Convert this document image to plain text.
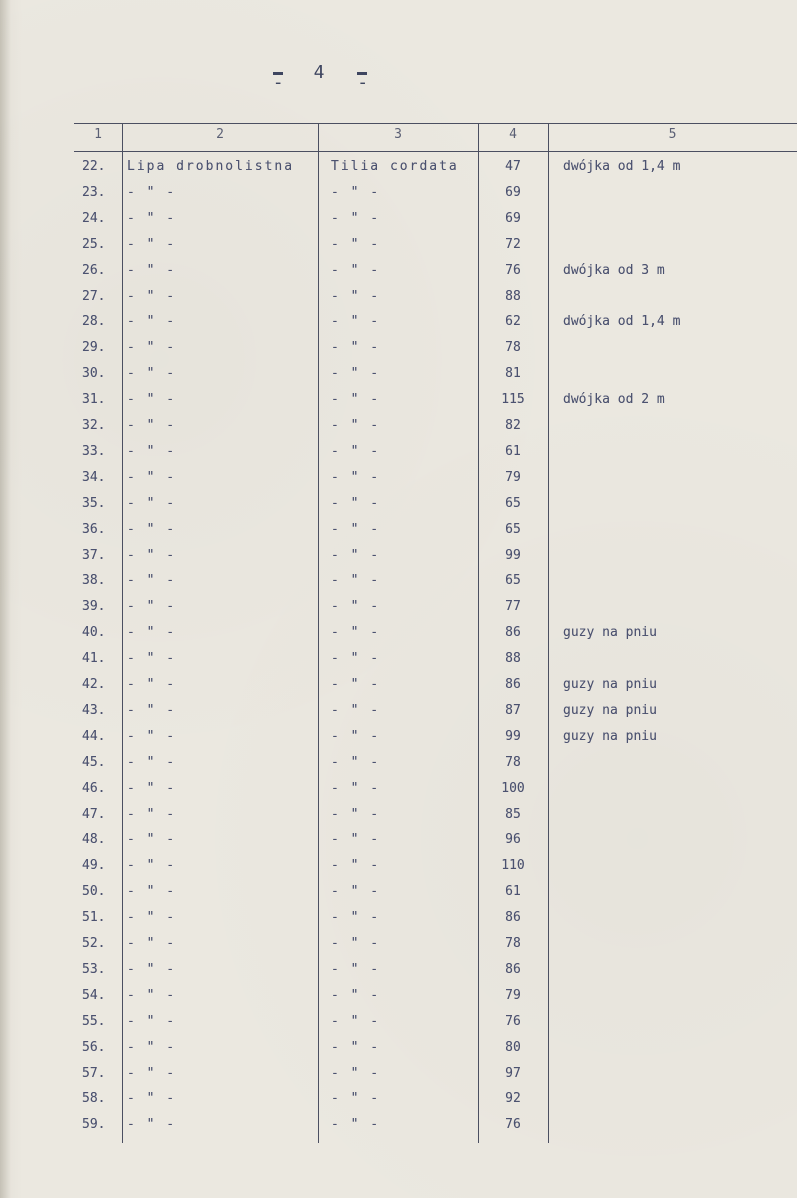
- 4 -
1	2	3	4	5
22.	Lipa drobnolistna	Tilia cordata	47	dwójka od 1,4 m
23.	- " -	- " -	69
24.	- " -	- " -	69
25.	- " -	- " -	72
26.	- " -	- " -	76	dwójka od 3 m
27.	- " -	- " -	88
28.	- " -	- " -	62	dwójka od 1,4 m
29.	- " -	- " -	78
30.	- " -	- " -	81
31.	- " -	- " -	115	dwójka od 2 m
32.	- " -	- " -	82
33.	- " -	- " -	61
34.	- " -	- " -	79
35.	- " -	- " -	65
36.	- " -	- " -	65
37.	- " -	- " -	99
38.	- " -	- " -	65
39.	- " -	- " -	77
40.	- " -	- " -	86	guzy na pniu
41.	- " -	- " -	88
42.	- " -	- " -	86	guzy na pniu
43.	- " -	- " -	87	guzy na pniu
44.	- " -	- " -	99	guzy na pniu
45.	- " -	- " -	78
46.	- " -	- " -	100
47.	- " -	- " -	85
48.	- " -	- " -	96
49.	- " -	- " -	110
50.	- " -	- " -	61
51.	- " -	- " -	86
52.	- " -	- " -	78
53.	- " -	- " -	86
54.	- " -	- " -	79
55.	- " -	- " -	76
56.	- " -	- " -	80
57.	- " -	- " -	97
58.	- " -	- " -	92
59.	- " -	- " -	76
